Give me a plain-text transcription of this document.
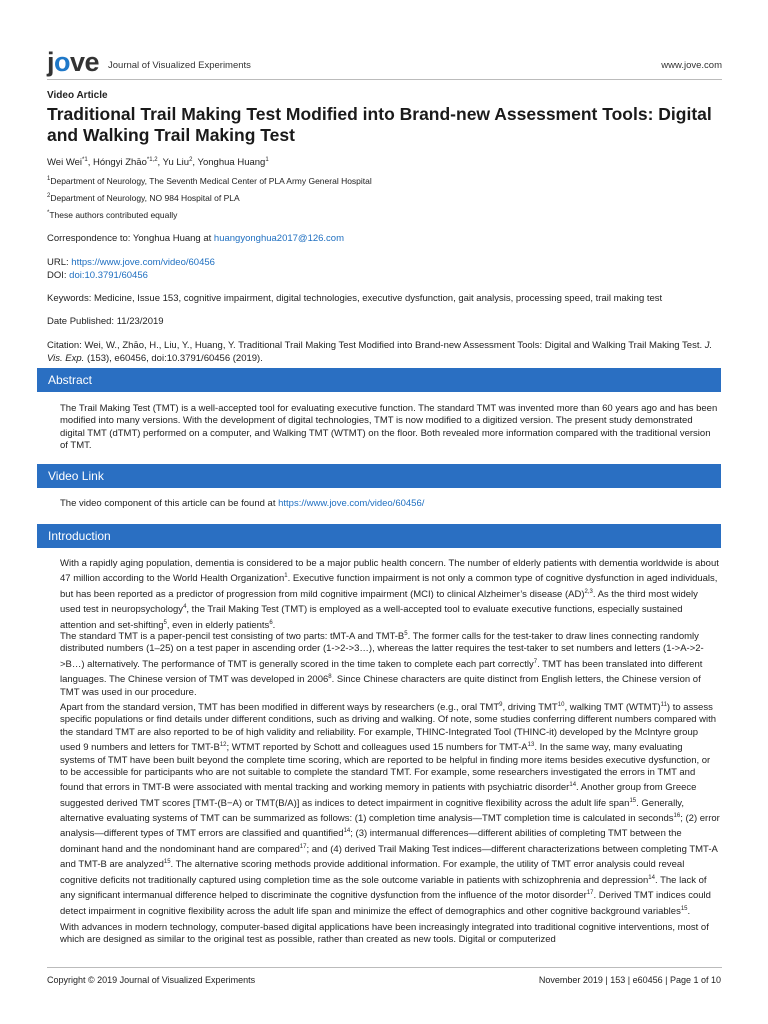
jove Journal of Visualized Experiments	www.jove.com
Video Article
Traditional Trail Making Test Modified into Brand-new Assessment Tools: Digital and Walking Trail Making Test
Wei Wei$^{*1}$, Hóngyi Zhāo$^{*1,2}$, Yu Liu$^2$, Yonghua Huang$^1$
$^1$Department of Neurology, The Seventh Medical Center of PLA Army General Hospital
$^2$Department of Neurology, NO 984 Hospital of PLA
*These authors contributed equally
Correspondence to: Yonghua Huang at huangyonghua2017@126.com
URL: https://www.jove.com/video/60456
DOI: doi:10.3791/60456
Keywords: Medicine, Issue 153, cognitive impairment, digital technologies, executive dysfunction, gait analysis, processing speed, trail making test
Date Published: 11/23/2019
Citation: Wei, W., Zhāo, H., Liu, Y., Huang, Y. Traditional Trail Making Test Modified into Brand-new Assessment Tools: Digital and Walking Trail Making Test. J. Vis. Exp. (153), e60456, doi:10.3791/60456 (2019).
Abstract
The Trail Making Test (TMT) is a well-accepted tool for evaluating executive function. The standard TMT was invented more than 60 years ago and has been modified into many versions. With the development of digital technologies, TMT is now modified to a digitized version. The present study demonstrated digital TMT (dTMT) performed on a computer, and Walking TMT (WTMT) on the floor. Both revealed more information compared with the traditional version of TMT.
Video Link
The video component of this article can be found at https://www.jove.com/video/60456/
Introduction
With a rapidly aging population, dementia is considered to be a major public health concern. The number of elderly patients with dementia worldwide is about 47 million according to the World Health Organization$^1$. Executive function impairment is not only a common type of cognitive dysfunction in aged individuals, but has been reported as a predictor of progression from mild cognitive impairment (MCI) to clinical Alzheimer’s disease (AD)$^{2,3}$. As the third most widely used test in neuropsychology$^4$, the Trail Making Test (TMT) is employed as a well-accepted tool to evaluate executive functions, especially sustained attention and set-shifting$^5$, even in elderly patients$^6$.
The standard TMT is a paper-pencil test consisting of two parts: tMT-A and TMT-$B^5$. The former calls for the test-taker to draw lines connecting randomly distributed numbers (1–25) on a test paper in ascending order (1->2->3…), whereas the latter requires the test-taker to set numbers and letters (1->A->2->B…) alternatively. The performance of TMT is generally scored in the time taken to complete each part correctly$^7$. TMT has been translated into different languages. The Chinese version of TMT was developed in 2006$^8$. Since Chinese characters are quite distinct from English letters, the Chinese version of TMT was used in our procedure.
Apart from the standard version, TMT has been modified in different ways by researchers (e.g., oral TMT$^9$, driving TMT$^{10}$, walking TMT (WTMT)$^{11}$) to assess specific populations or find details under different conditions, such as driving and walking. Of note, some studies conferring different numbers compared with the standard TMT are also reported to be of high validity and reliability. For example, THINC-Integrated Tool (THINC-it) developed by the McIntyre group used 9 numbers and letters for TMT-$B^{12}$; WTMT reported by Schott and colleagues used 15 numbers for TMT-$A^{13}$. In the same way, many evaluating systems of TMT have been built beyond the complete time scoring, which are reported to be helpful in finding more items besides executive dysfunction, or to be accessible for participants who are not suitable to complete the standard TMT. For example, some researchers investigated the errors in TMT and found that errors in TMT-B were associated with mental tracking and working memory in patients with psychiatric disorder$^{14}$. Another group from Greece suggested derived TMT scores [TMT-(B−A) or TMT(B/A)] as indices to detect impairment in cognitive flexibility across the adult life span$^{15}$. Generally, alternative evaluating systems of TMT can be summarized as follows: (1) completion time analysis—TMT completion time is calculated in seconds$^{16}$; (2) error analysis—different types of TMT errors are classified and quantified$^{14}$; (3) intermanual differences—different abilities of completing TMT between the dominant hand and the nondominant hand are compared$^{17}$; and (4) derived Trail Making Test indices—different characterizations between completing TMT-A and TMT-B are analyzed$^{15}$. The alternative scoring methods provide additional information. For example, the utility of TMT error analysis could reveal cognitive deficits not traditionally captured using completion time as the sole outcome variable in patients with schizophrenia and depression$^{14}$. The lack of any significant intermanual difference helped to discriminate the cognitive dysfunction from the influence of the motor disorder$^{17}$. Derived TMT indices could detect impairment in cognitive flexibility across the adult life span and minimize the effect of demographics and other cognitive background variables$^{15}$.
With advances in modern technology, computer-based digital applications have been increasingly integrated into traditional cognitive interventions, most of which are designed as similar to the original test as possible, rather than created as new tools. Digital or computerized
Copyright © 2019 Journal of Visualized Experiments	November 2019 | 153 | e60456 | Page 1 of 10
